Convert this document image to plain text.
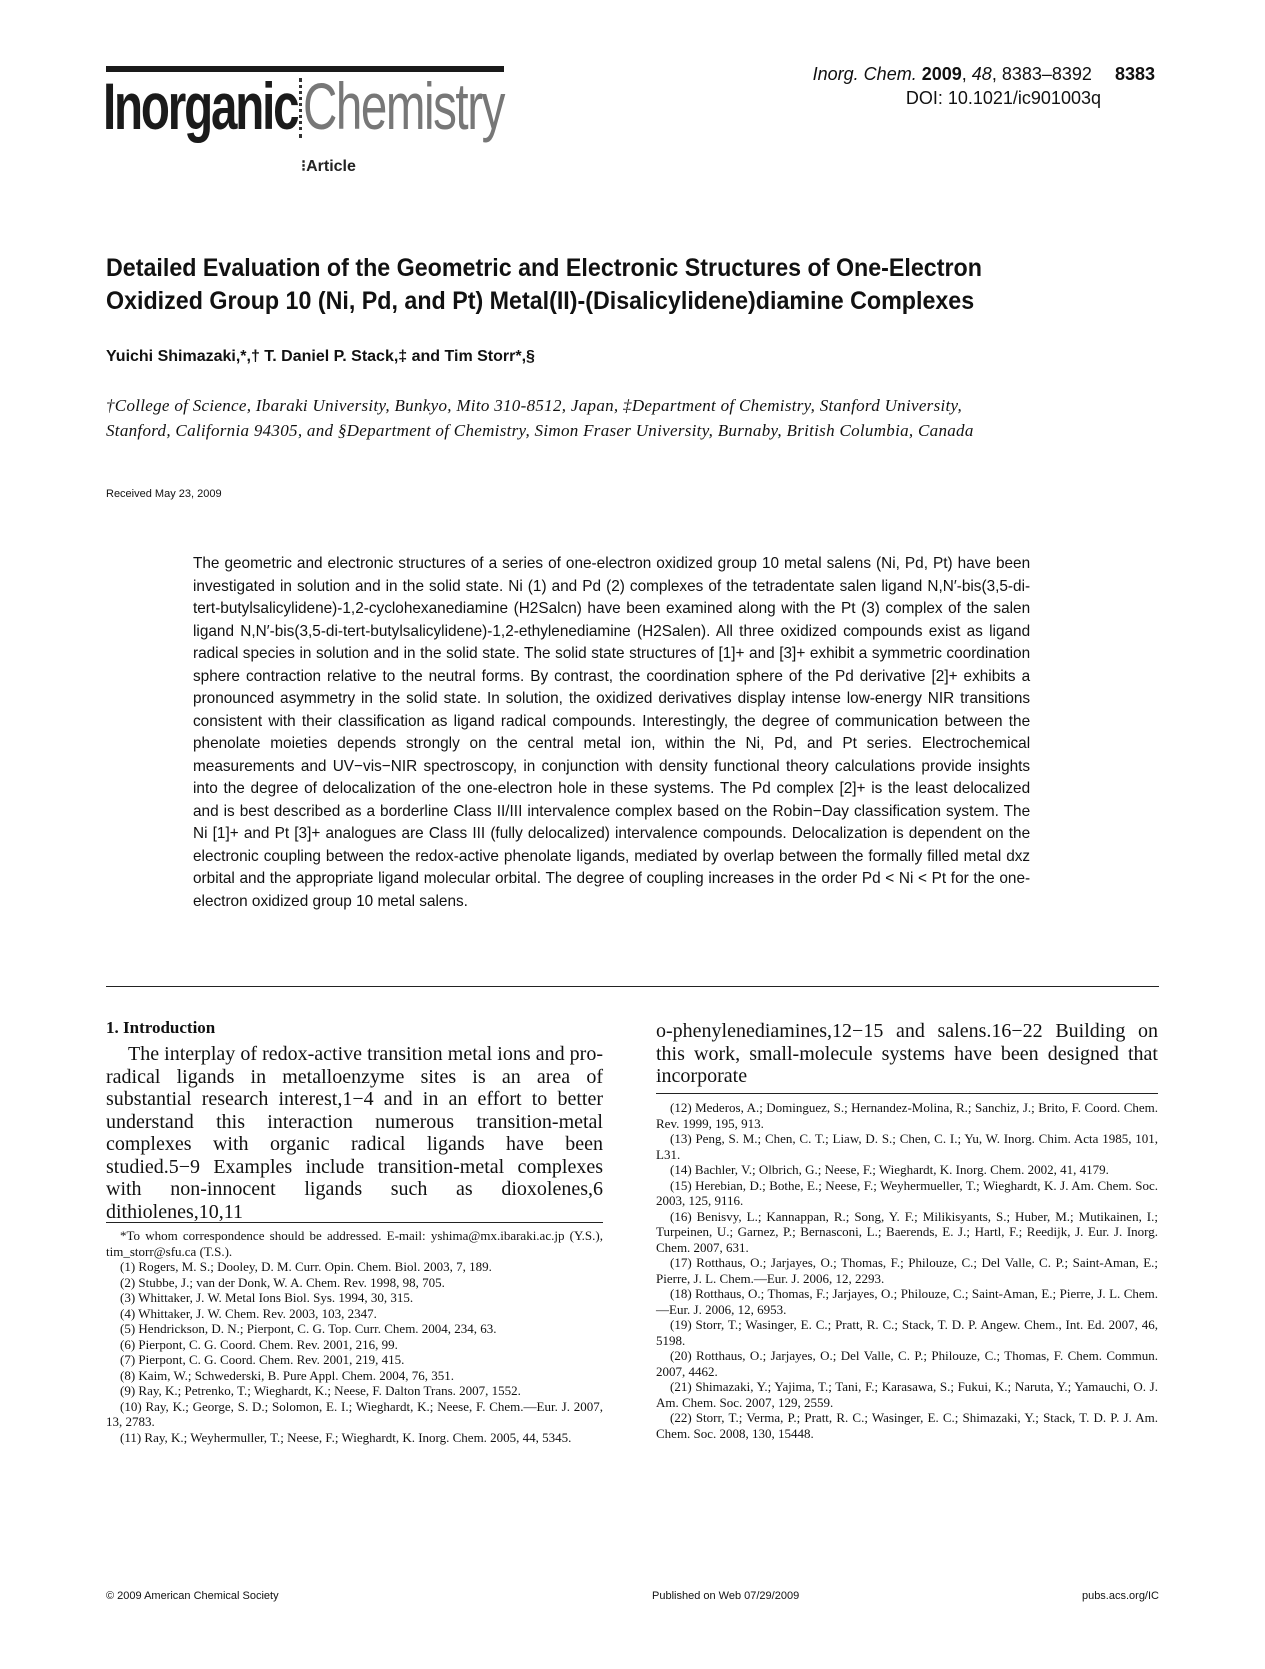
Inorganic Chemistry
⁝Article
Inorg. Chem. 2009, 48, 8383–8392 8383
DOI: 10.1021/ic901003q
Detailed Evaluation of the Geometric and Electronic Structures of One-Electron Oxidized Group 10 (Ni, Pd, and Pt) Metal(II)-(Disalicylidene)diamine Complexes
Yuichi Shimazaki,*,† T. Daniel P. Stack,‡ and Tim Storr*,§
†College of Science, Ibaraki University, Bunkyo, Mito 310-8512, Japan, ‡Department of Chemistry, Stanford University, Stanford, California 94305, and §Department of Chemistry, Simon Fraser University, Burnaby, British Columbia, Canada
Received May 23, 2009
The geometric and electronic structures of a series of one-electron oxidized group 10 metal salens (Ni, Pd, Pt) have been investigated in solution and in the solid state. Ni (1) and Pd (2) complexes of the tetradentate salen ligand N,N′-bis(3,5-di-tert-butylsalicylidene)-1,2-cyclohexanediamine (H2Salcn) have been examined along with the Pt (3) complex of the salen ligand N,N′-bis(3,5-di-tert-butylsalicylidene)-1,2-ethylenediamine (H2Salen). All three oxidized compounds exist as ligand radical species in solution and in the solid state. The solid state structures of [1]+ and [3]+ exhibit a symmetric coordination sphere contraction relative to the neutral forms. By contrast, the coordination sphere of the Pd derivative [2]+ exhibits a pronounced asymmetry in the solid state. In solution, the oxidized derivatives display intense low-energy NIR transitions consistent with their classification as ligand radical compounds. Interestingly, the degree of communication between the phenolate moieties depends strongly on the central metal ion, within the Ni, Pd, and Pt series. Electrochemical measurements and UV−vis−NIR spectroscopy, in conjunction with density functional theory calculations provide insights into the degree of delocalization of the one-electron hole in these systems. The Pd complex [2]+ is the least delocalized and is best described as a borderline Class II/III intervalence complex based on the Robin−Day classification system. The Ni [1]+ and Pt [3]+ analogues are Class III (fully delocalized) intervalence compounds. Delocalization is dependent on the electronic coupling between the redox-active phenolate ligands, mediated by overlap between the formally filled metal dxz orbital and the appropriate ligand molecular orbital. The degree of coupling increases in the order Pd < Ni < Pt for the one-electron oxidized group 10 metal salens.
1. Introduction
The interplay of redox-active transition metal ions and pro-radical ligands in metalloenzyme sites is an area of substantial research interest,1−4 and in an effort to better understand this interaction numerous transition-metal complexes with organic radical ligands have been studied.5−9 Examples include transition-metal complexes with non-innocent ligands such as dioxolenes,6 dithiolenes,10,11

*To whom correspondence should be addressed. E-mail: yshima@mx.ibaraki.ac.jp (Y.S.), tim_storr@sfu.ca (T.S.).

(1) Rogers, M. S.; Dooley, D. M. Curr. Opin. Chem. Biol. 2003, 7, 189.

(2) Stubbe, J.; van der Donk, W. A. Chem. Rev. 1998, 98, 705.

(3) Whittaker, J. W. Metal Ions Biol. Sys. 1994, 30, 315.

(4) Whittaker, J. W. Chem. Rev. 2003, 103, 2347.

(5) Hendrickson, D. N.; Pierpont, C. G. Top. Curr. Chem. 2004, 234, 63.

(6) Pierpont, C. G. Coord. Chem. Rev. 2001, 216, 99.

(7) Pierpont, C. G. Coord. Chem. Rev. 2001, 219, 415.

(8) Kaim, W.; Schwederski, B. Pure Appl. Chem. 2004, 76, 351.

(9) Ray, K.; Petrenko, T.; Wieghardt, K.; Neese, F. Dalton Trans. 2007, 1552.

(10) Ray, K.; George, S. D.; Solomon, E. I.; Wieghardt, K.; Neese, F. Chem.—Eur. J. 2007, 13, 2783.

(11) Ray, K.; Weyhermuller, T.; Neese, F.; Wieghardt, K. Inorg. Chem. 2005, 44, 5345.

o-phenylenediamines,12−15 and salens.16−22 Building on this work, small-molecule systems have been designed that incorporate

(12) Mederos, A.; Dominguez, S.; Hernandez-Molina, R.; Sanchiz, J.; Brito, F. Coord. Chem. Rev. 1999, 195, 913.

(13) Peng, S. M.; Chen, C. T.; Liaw, D. S.; Chen, C. I.; Yu, W. Inorg. Chim. Acta 1985, 101, L31.

(14) Bachler, V.; Olbrich, G.; Neese, F.; Wieghardt, K. Inorg. Chem. 2002, 41, 4179.

(15) Herebian, D.; Bothe, E.; Neese, F.; Weyhermueller, T.; Wieghardt, K. J. Am. Chem. Soc. 2003, 125, 9116.

(16) Benisvy, L.; Kannappan, R.; Song, Y. F.; Milikisyants, S.; Huber, M.; Mutikainen, I.; Turpeinen, U.; Garnez, P.; Bernasconi, L.; Baerends, E. J.; Hartl, F.; Reedijk, J. Eur. J. Inorg. Chem. 2007, 631.

(17) Rotthaus, O.; Jarjayes, O.; Thomas, F.; Philouze, C.; Del Valle, C. P.; Saint-Aman, E.; Pierre, J. L. Chem.—Eur. J. 2006, 12, 2293.

(18) Rotthaus, O.; Thomas, F.; Jarjayes, O.; Philouze, C.; Saint-Aman, E.; Pierre, J. L. Chem.—Eur. J. 2006, 12, 6953.

(19) Storr, T.; Wasinger, E. C.; Pratt, R. C.; Stack, T. D. P. Angew. Chem., Int. Ed. 2007, 46, 5198.

(20) Rotthaus, O.; Jarjayes, O.; Del Valle, C. P.; Philouze, C.; Thomas, F. Chem. Commun. 2007, 4462.

(21) Shimazaki, Y.; Yajima, T.; Tani, F.; Karasawa, S.; Fukui, K.; Naruta, Y.; Yamauchi, O. J. Am. Chem. Soc. 2007, 129, 2559.

(22) Storr, T.; Verma, P.; Pratt, R. C.; Wasinger, E. C.; Shimazaki, Y.; Stack, T. D. P. J. Am. Chem. Soc. 2008, 130, 15448.

© 2009 American Chemical Society	Published on Web 07/29/2009	pubs.acs.org/IC
